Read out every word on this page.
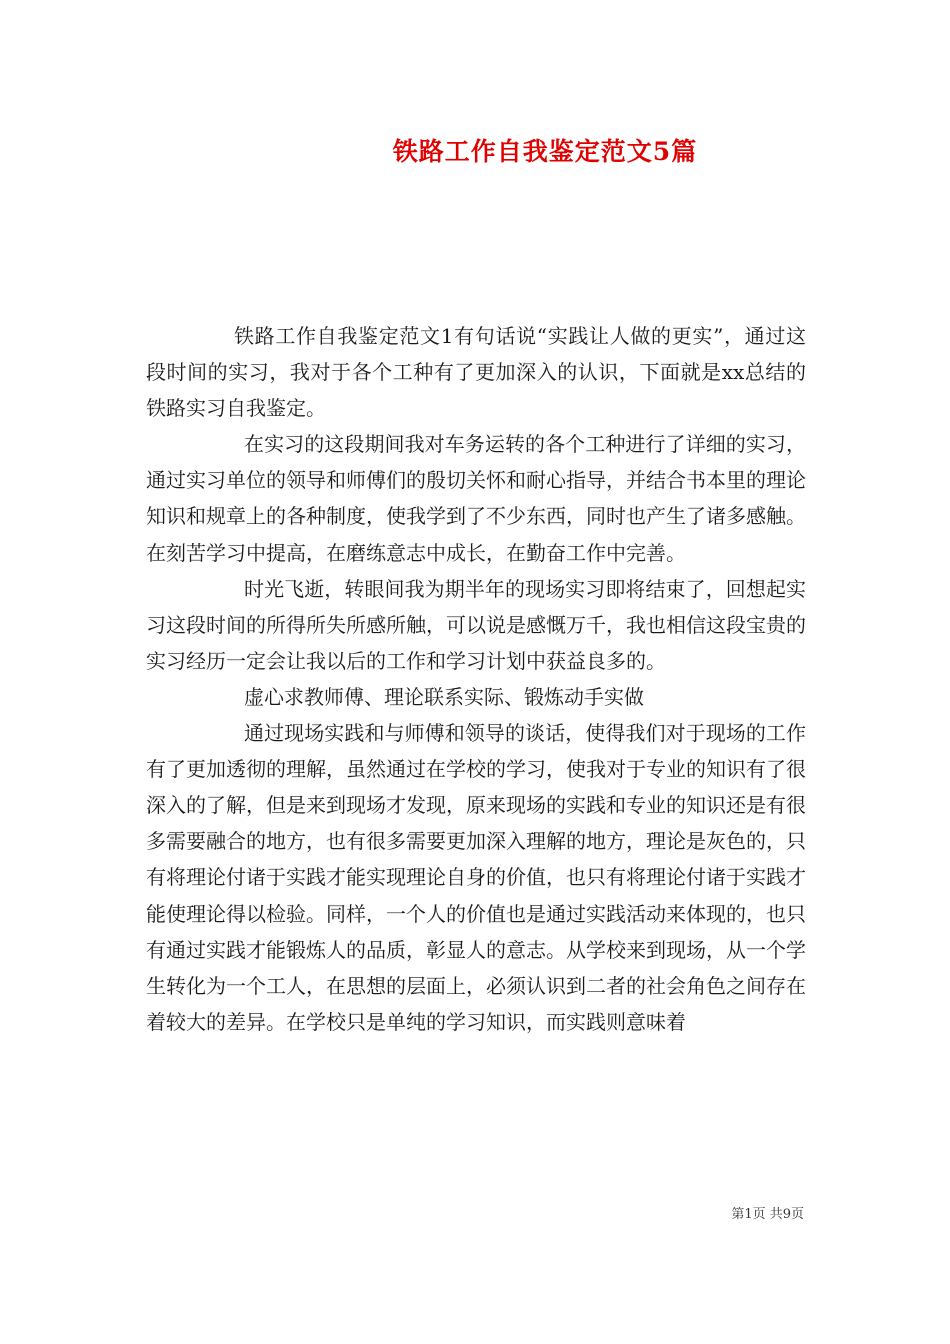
铁路工作自我鉴定范文5篇

铁路工作自我鉴定范文1有句话说“实践让人做的更实”，通过这段时间的实习，我对于各个工种有了更加深入的认识，下面就是xx总结的铁路实习自我鉴定。

在实习的这段期间我对车务运转的各个工种进行了详细的实习，通过实习单位的领导和师傅们的殷切关怀和耐心指导，并结合书本里的理论知识和规章上的各种制度，使我学到了不少东西，同时也产生了诸多感触。在刻苦学习中提高，在磨练意志中成长，在勤奋工作中完善。

时光飞逝，转眼间我为期半年的现场实习即将结束了，回想起实习这段时间的所得所失所感所触，可以说是感慨万千，我也相信这段宝贵的实习经历一定会让我以后的工作和学习计划中获益良多的。

虚心求教师傅、理论联系实际、锻炼动手实做

通过现场实践和与师傅和领导的谈话，使得我们对于现场的工作有了更加透彻的理解，虽然通过在学校的学习，使我对于专业的知识有了很深入的了解，但是来到现场才发现，原来现场的实践和专业的知识还是有很多需要融合的地方，也有很多需要更加深入理解的地方，理论是灰色的，只有将理论付诸于实践才能实现理论自身的价值，也只有将理论付诸于实践才能使理论得以检验。同样，一个人的价值也是通过实践活动来体现的，也只有通过实践才能锻炼人的品质，彰显人的意志。从学校来到现场，从一个学生转化为一个工人，在思想的层面上，必须认识到二者的社会角色之间存在着较大的差异。在学校只是单纯的学习知识，而实践则意味着

第1页 共9页
